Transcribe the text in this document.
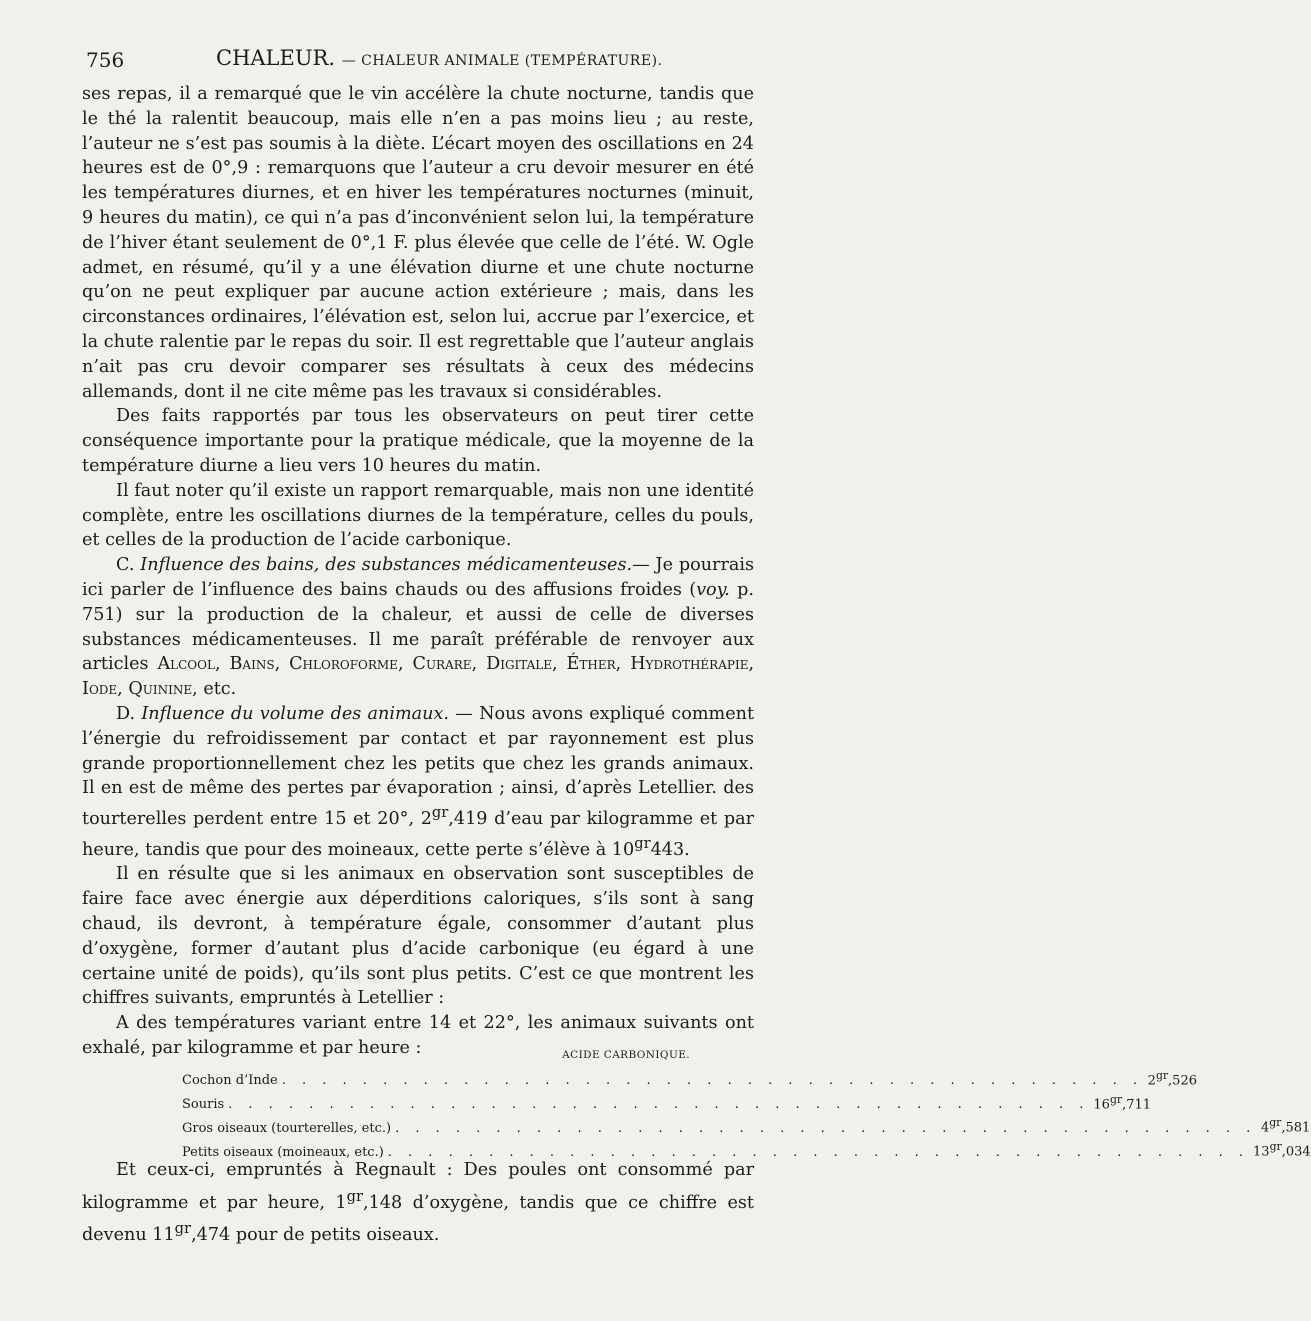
756	CHALEUR. — CHALEUR ANIMALE (TEMPÉRATURE).

ses repas, il a remarqué que le vin accélère la chute nocturne, tandis que le thé la ralentit beaucoup, mais elle n’en a pas moins lieu ; au reste, l’auteur ne s’est pas soumis à la diète. L’écart moyen des oscillations en 24 heures est de 0°,9 : remarquons que l’auteur a cru devoir mesurer en été les températures diurnes, et en hiver les températures nocturnes (minuit, 9 heures du matin), ce qui n’a pas d’inconvénient selon lui, la température de l’hiver étant seulement de 0°,1 F. plus élevée que celle de l’été. W. Ogle admet, en résumé, qu’il y a une élévation diurne et une chute nocturne qu’on ne peut expliquer par aucune action extérieure ; mais, dans les circonstances ordinaires, l’élévation est, selon lui, accrue par l’exercice, et la chute ralentie par le repas du soir. Il est regrettable que l’auteur anglais n’ait pas cru devoir comparer ses résultats à ceux des médecins allemands, dont il ne cite même pas les travaux si considérables.

Des faits rapportés par tous les observateurs on peut tirer cette conséquence importante pour la pratique médicale, que la moyenne de la température diurne a lieu vers 10 heures du matin.

Il faut noter qu’il existe un rapport remarquable, mais non une identité complète, entre les oscillations diurnes de la température, celles du pouls, et celles de la production de l’acide carbonique.

C. Influence des bains, des substances médicamenteuses.— Je pourrais ici parler de l’influence des bains chauds ou des affusions froides (voy. p. 751) sur la production de la chaleur, et aussi de celle de diverses substances médicamenteuses. Il me paraît préférable de renvoyer aux articles Alcool, Bains, Chloroforme, Curare, Digitale, Éther, Hydrothérapie, Iode, Quinine, etc.

D. Influence du volume des animaux. — Nous avons expliqué comment l’énergie du refroidissement par contact et par rayonnement est plus grande proportionnellement chez les petits que chez les grands animaux. Il en est de même des pertes par évaporation ; ainsi, d’après Letellier. des tourterelles perdent entre 15 et 20°, $2^{gr},419$ d’eau par kilogramme et par heure, tandis que pour des moineaux, cette perte s’élève à $10^{gr}443$.

Il en résulte que si les animaux en observation sont susceptibles de faire face avec énergie aux déperditions caloriques, s’ils sont à sang chaud, ils devront, à température égale, consommer d’autant plus d’oxygène, former d’autant plus d’acide carbonique (eu égard à une certaine unité de poids), qu’ils sont plus petits. C’est ce que montrent les chiffres suivants, empruntés à Letellier :

A des températures variant entre 14 et 22°, les animaux suivants ont exhalé, par kilogramme et par heure :	ACIDE CARBONIQUE.
Cochon d’Inde . . . . . . . . . . . . . . . . . . . . . . . . . . . . . . . . . . . . . . . . . . . $2^{gr},526$
Souris . . . . . . . . . . . . . . . . . . . . . . . . . . . . . . . . . . . . . . . . . . . $16^{gr},711$
Gros oiseaux (tourterelles, etc.) . . . . . . . . . . . . . . . . . . . . . . . . . . . . . . . . . . . . . . . . . . . $4^{gr},581$
Petits oiseaux (moineaux, etc.) . . . . . . . . . . . . . . . . . . . . . . . . . . . . . . . . . . . . . . . . . . . $13^{gr},034$

Et ceux-ci, empruntés à Regnault : Des poules ont consommé par kilogramme et par heure, $1^{gr},148$ d’oxygène, tandis que ce chiffre est devenu $11^{gr},474$ pour de petits oiseaux.
